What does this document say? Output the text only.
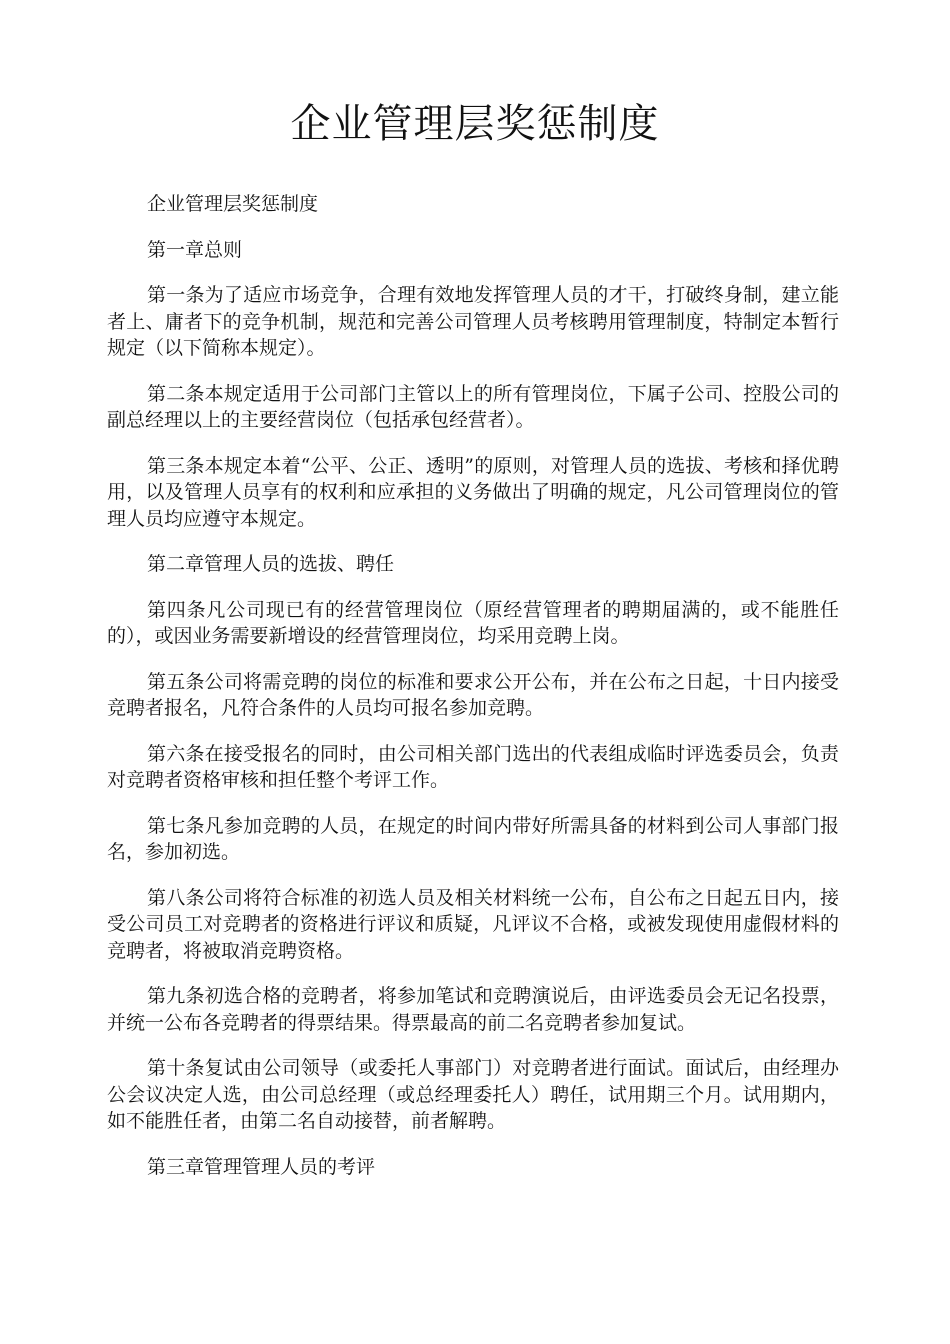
企业管理层奖惩制度

企业管理层奖惩制度

第一章总则

第一条为了适应市场竞争，合理有效地发挥管理人员的才干，打破终身制，建立能者上、庸者下的竞争机制，规范和完善公司管理人员考核聘用管理制度，特制定本暂行规定（以下简称本规定）。

第二条本规定适用于公司部门主管以上的所有管理岗位，下属子公司、控股公司的副总经理以上的主要经营岗位（包括承包经营者）。

第三条本规定本着“公平、公正、透明”的原则，对管理人员的选拔、考核和择优聘用，以及管理人员享有的权利和应承担的义务做出了明确的规定，凡公司管理岗位的管理人员均应遵守本规定。

第二章管理人员的选拔、聘任

第四条凡公司现已有的经营管理岗位（原经营管理者的聘期届满的，或不能胜任的），或因业务需要新增设的经营管理岗位，均采用竞聘上岗。

第五条公司将需竞聘的岗位的标准和要求公开公布，并在公布之日起，十日内接受竞聘者报名，凡符合条件的人员均可报名参加竞聘。

第六条在接受报名的同时，由公司相关部门选出的代表组成临时评选委员会，负责对竞聘者资格审核和担任整个考评工作。

第七条凡参加竞聘的人员，在规定的时间内带好所需具备的材料到公司人事部门报名，参加初选。

第八条公司将符合标准的初选人员及相关材料统一公布，自公布之日起五日内，接受公司员工对竞聘者的资格进行评议和质疑，凡评议不合格，或被发现使用虚假材料的竞聘者，将被取消竞聘资格。

第九条初选合格的竞聘者，将参加笔试和竞聘演说后，由评选委员会无记名投票，并统一公布各竞聘者的得票结果。得票最高的前二名竞聘者参加复试。

第十条复试由公司领导（或委托人事部门）对竞聘者进行面试。面试后，由经理办公会议决定人选，由公司总经理（或总经理委托人）聘任，试用期三个月。试用期内，如不能胜任者，由第二名自动接替，前者解聘。

第三章管理管理人员的考评
